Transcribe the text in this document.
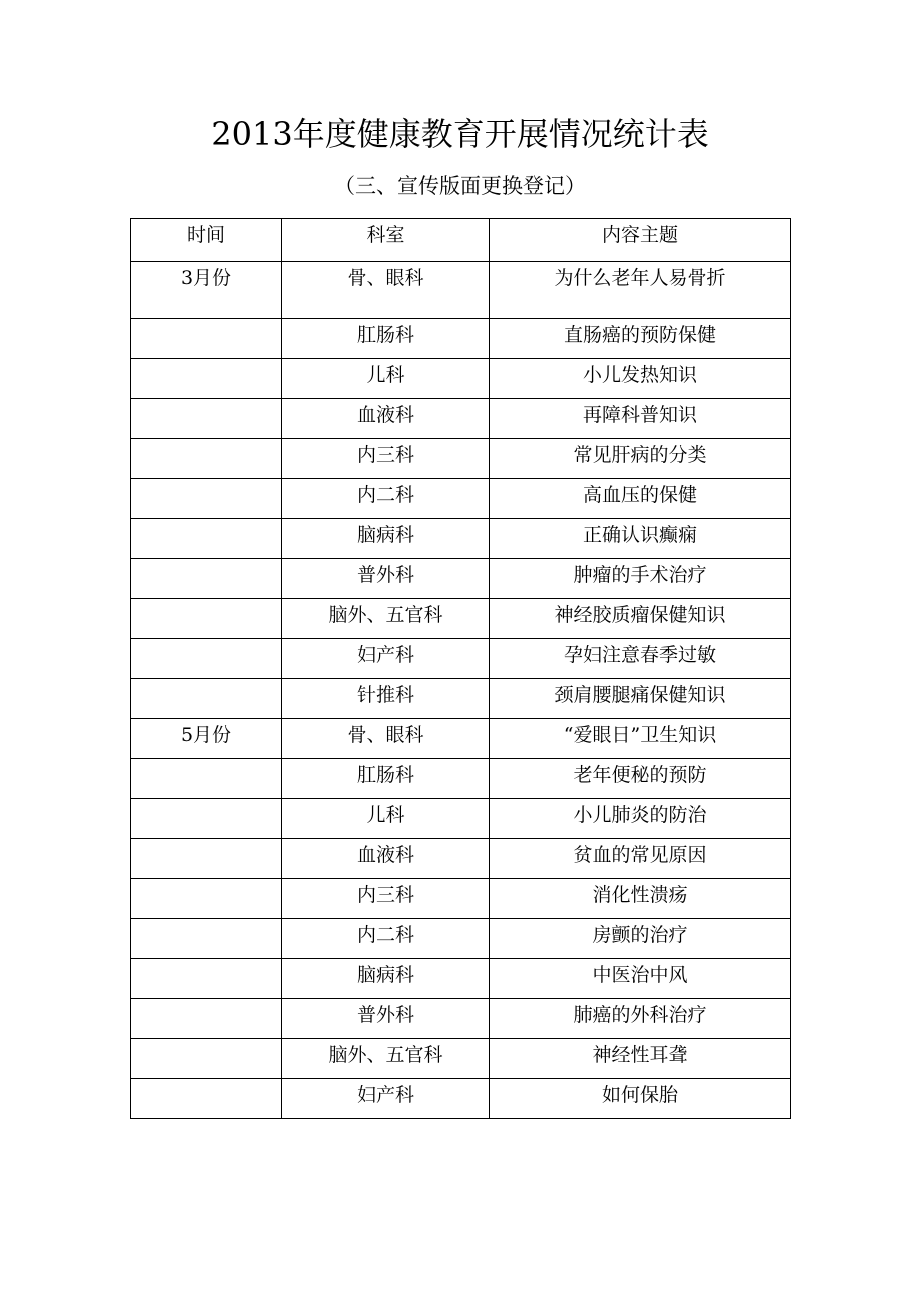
2013年度健康教育开展情况统计表
（三、宣传版面更换登记）
时间	科室	内容主题
3月份	骨、眼科	为什么老年人易骨折
	肛肠科	直肠癌的预防保健
	儿科	小儿发热知识
	血液科	再障科普知识
	内三科	常见肝病的分类
	内二科	高血压的保健
	脑病科	正确认识癫痫
	普外科	肿瘤的手术治疗
	脑外、五官科	神经胶质瘤保健知识
	妇产科	孕妇注意春季过敏
	针推科	颈肩腰腿痛保健知识
5月份	骨、眼科	“爱眼日”卫生知识
	肛肠科	老年便秘的预防
	儿科	小儿肺炎的防治
	血液科	贫血的常见原因
	内三科	消化性溃疡
	内二科	房颤的治疗
	脑病科	中医治中风
	普外科	肺癌的外科治疗
	脑外、五官科	神经性耳聋
	妇产科	如何保胎
